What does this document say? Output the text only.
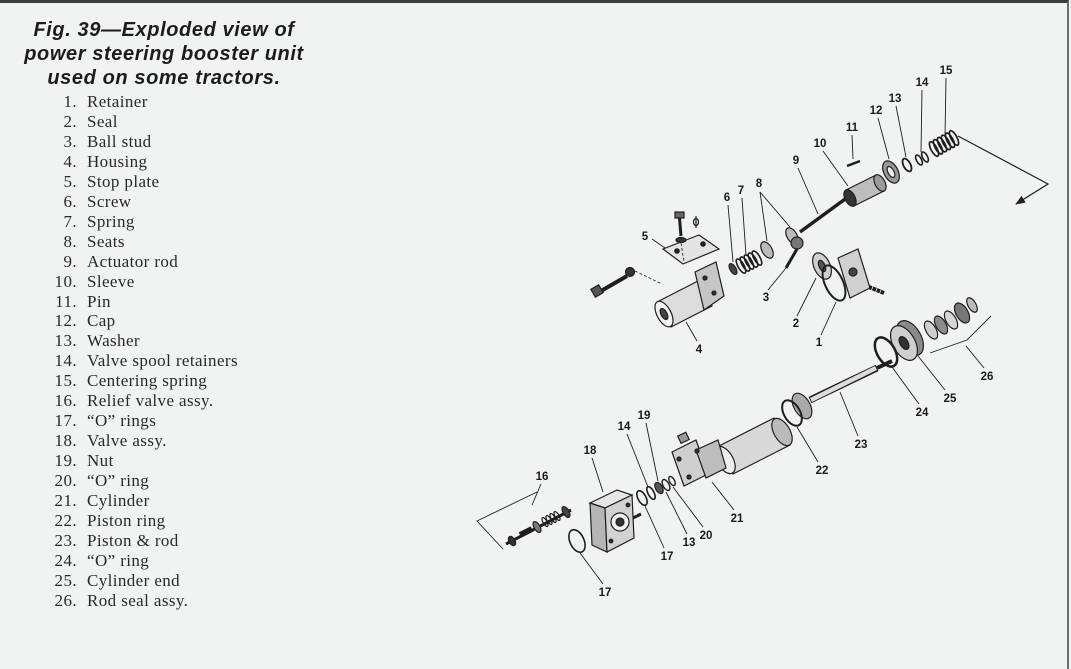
Fig. 39—Exploded view of
power steering booster unit
used on some tractors.
1. Retainer
2. Seal
3. Ball stud
4. Housing
5. Stop plate
6. Screw
7. Spring
8. Seats
9. Actuator rod
10. Sleeve
11. Pin
12. Cap
13. Washer
14. Valve spool retainers
15. Centering spring
16. Relief valve assy.
17. “O” rings
18. Valve assy.
19. Nut
20. “O” ring
21. Cylinder
22. Piston ring
23. Piston & rod
24. “O” ring
25. Cylinder end
26. Rod seal assy.
15
14
13
12
11
10
9
8
7
6
5
4
3
2
1
26
25
24
23
22
21
20
19
18
17
16
14
13
17
